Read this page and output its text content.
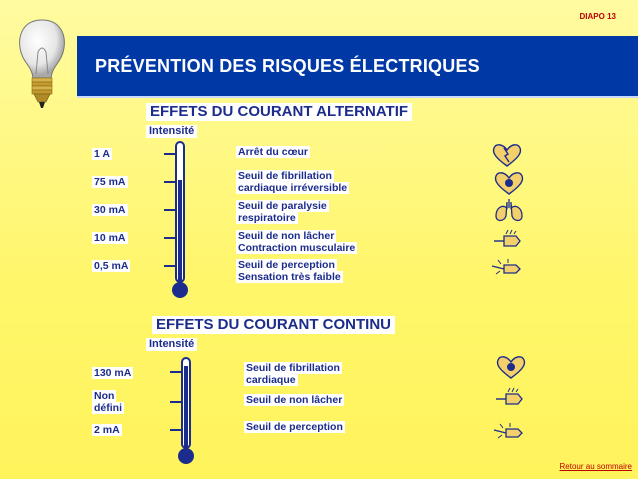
DIAPO 13
PRÉVENTION DES RISQUES ÉLECTRIQUES
EFFETS DU COURANT ALTERNATIF
Intensité
1 A
75 mA
30 mA
10 mA
0,5 mA
Arrêt du cœur
Seuil de fibrillation
cardiaque irréversible
Seuil de paralysie
respiratoire
Seuil de non lâcher
Contraction musculaire
Seuil de perception
Sensation très faible
EFFETS DU COURANT CONTINU
Intensité
130 mA
Non
défini
2 mA
Seuil de fibrillation
cardiaque
Seuil de non lâcher
Seuil de perception
Retour au sommaire
